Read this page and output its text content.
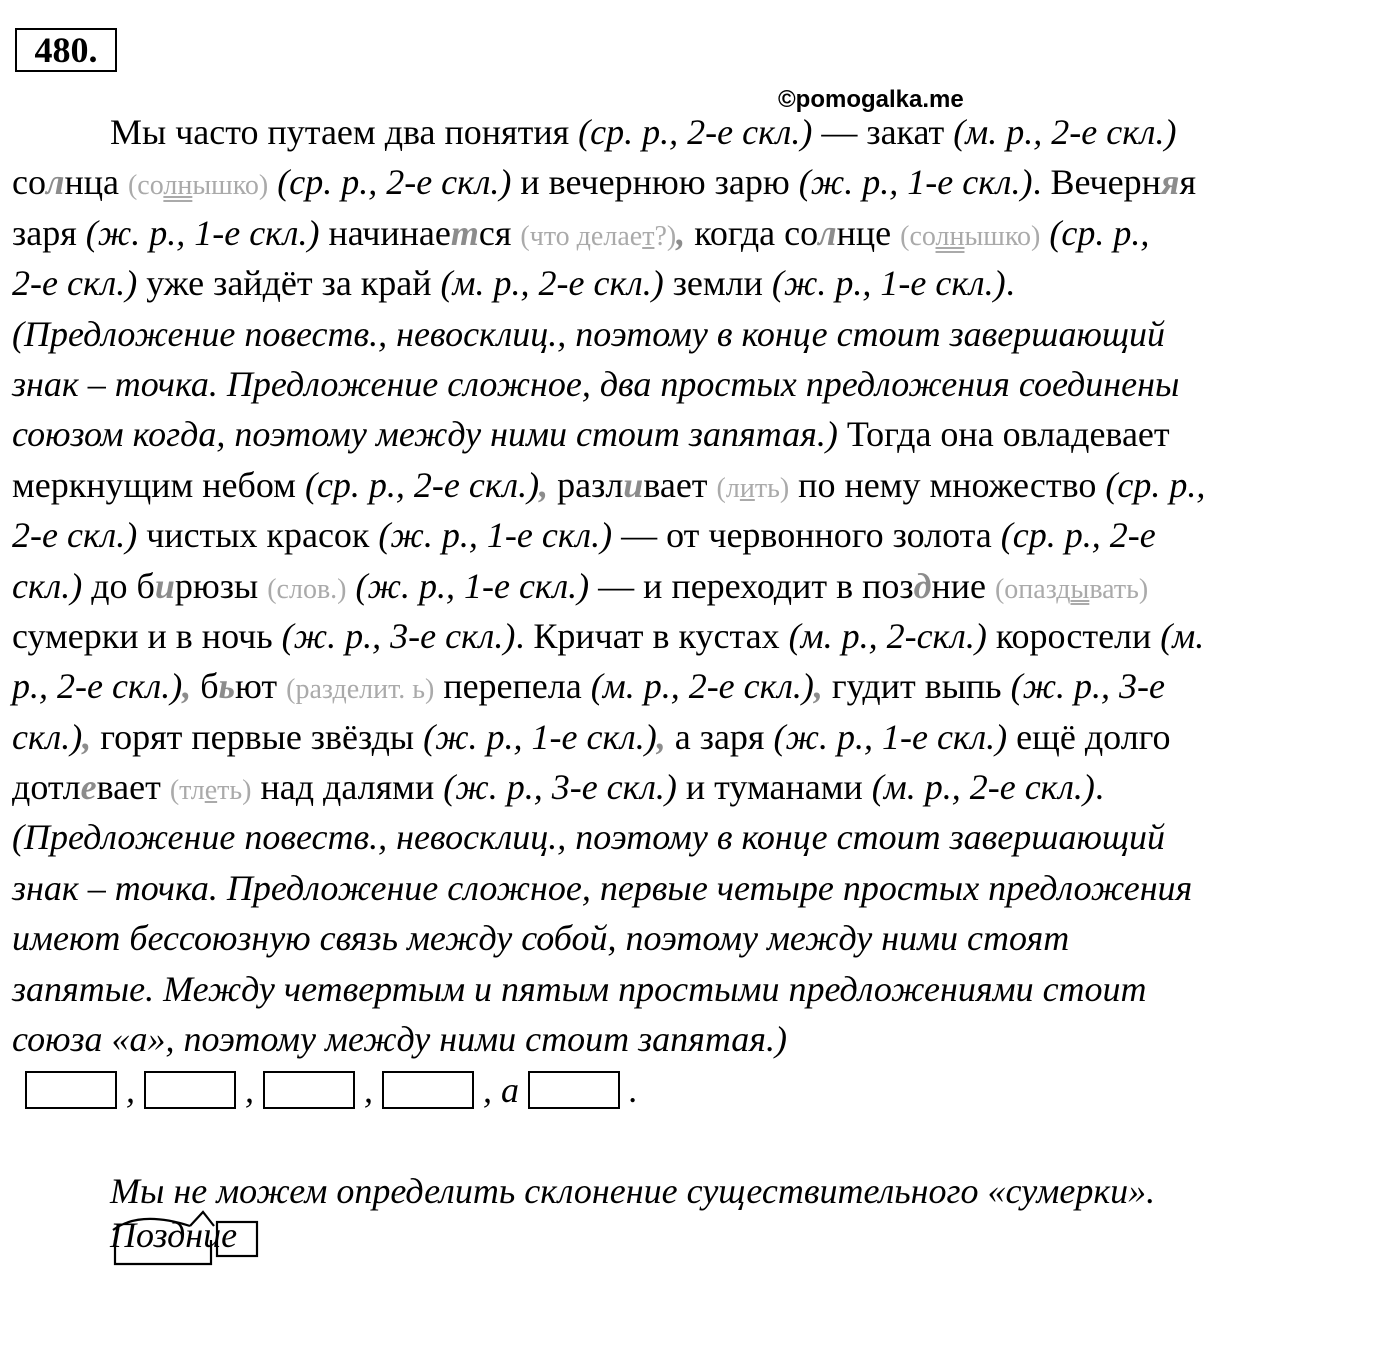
480.
©pomogalka.me
Мы часто путаем два понятия (ср. р., 2-е скл.) — закат (м. р., 2-е скл.)
солнца (солнышко) (ср. р., 2-е скл.) и вечернюю зарю (ж. р., 1-е скл.). Вечерняя
заря (ж. р., 1-е скл.) начинается (что делает?), когда солнце (солнышко) (ср. р.,
2-е скл.) уже зайдёт за край (м. р., 2-е скл.) земли (ж. р., 1-е скл.).
(Предложение повеств., невосклиц., поэтому в конце стоит завершающий
знак – точка. Предложение сложное, два простых предложения соединены
союзом когда, поэтому между ними стоит запятая.) Тогда она овладевает
меркнущим небом (ср. р., 2-е скл.), разливает (лить) по нему множество (ср. р.,
2-е скл.) чистых красок (ж. р., 1-е скл.) — от червонного золота (ср. р., 2-е
скл.) до бирюзы (слов.) (ж. р., 1-е скл.) — и переходит в поздние (опаздывать)
сумерки и в ночь (ж. р., 3-е скл.). Кричат в кустах (м. р., 2-скл.) коростели (м.
р., 2-е скл.), бьют (разделит. ь) перепела (м. р., 2-е скл.), гудит выпь (ж. р., 3-е
скл.), горят первые звёзды (ж. р., 1-е скл.), а заря (ж. р., 1-е скл.) ещё долго
дотлевает (тлеть) над далями (ж. р., 3-е скл.) и туманами (м. р., 2-е скл.).
(Предложение повеств., невосклиц., поэтому в конце стоит завершающий
знак – точка. Предложение сложное, первые четыре простых предложения
имеют бессоюзную связь между собой, поэтому между ними стоят
запятые. Между четвертым и пятым простыми предложениями стоит
союза «а», поэтому между ними стоит запятая.)
,	,	,	, а	.
Мы не можем определить склонение существительного «сумерки».
Поздние
